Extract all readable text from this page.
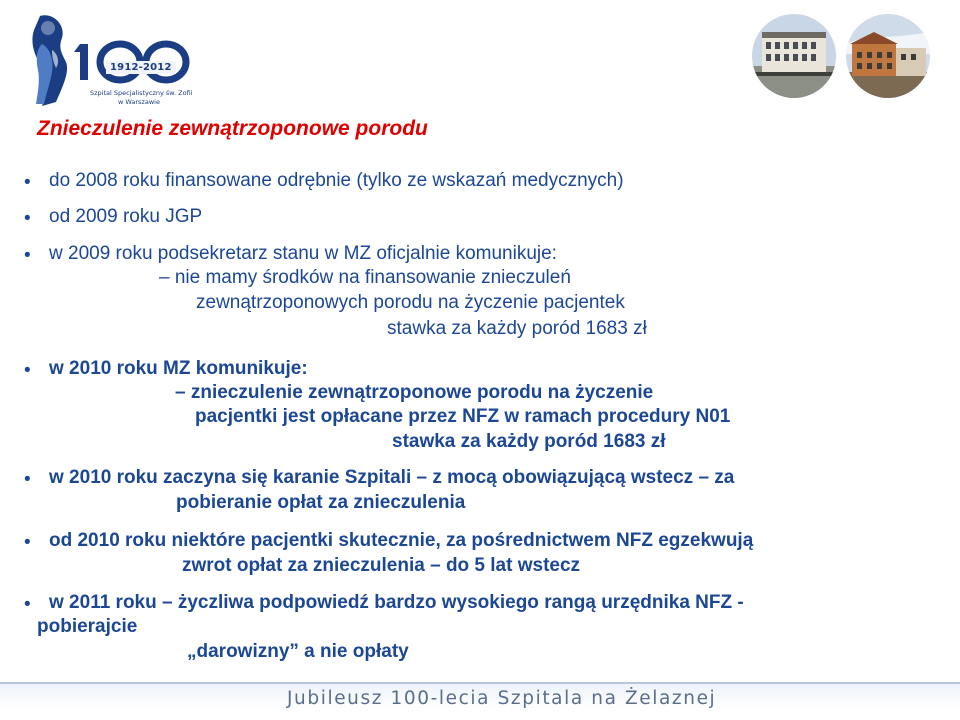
1912-2012
Szpital Specjalistyczny św. Zofii
w Warszawie
Znieczulenie zewnątrzoponowe porodu
• do 2008 roku finansowane odrębnie (tylko ze wskazań medycznych)
• od 2009 roku JGP
• w 2009 roku podsekretarz stanu w MZ oficjalnie komunikuje:
– nie mamy środków na finansowanie znieczuleń
zewnątrzoponowych porodu na życzenie pacjentek
stawka za każdy poród 1683 zł
• w 2010 roku MZ komunikuje:
– znieczulenie zewnątrzoponowe porodu na życzenie
pacjentki jest opłacane przez NFZ w ramach procedury N01
stawka za każdy poród 1683 zł
• w 2010 roku zaczyna się karanie Szpitali – z mocą obowiązującą wstecz – za
pobieranie opłat za znieczulenia
• od 2010 roku niektóre pacjentki skutecznie, za pośrednictwem NFZ egzekwują
zwrot opłat za znieczulenia – do 5 lat wstecz
• w 2011 roku – życzliwa podpowiedź bardzo wysokiego rangą urzędnika NFZ -
pobierajcie
„darowizny” a nie opłaty
Jubileusz 100-lecia Szpitala na Żelaznej
